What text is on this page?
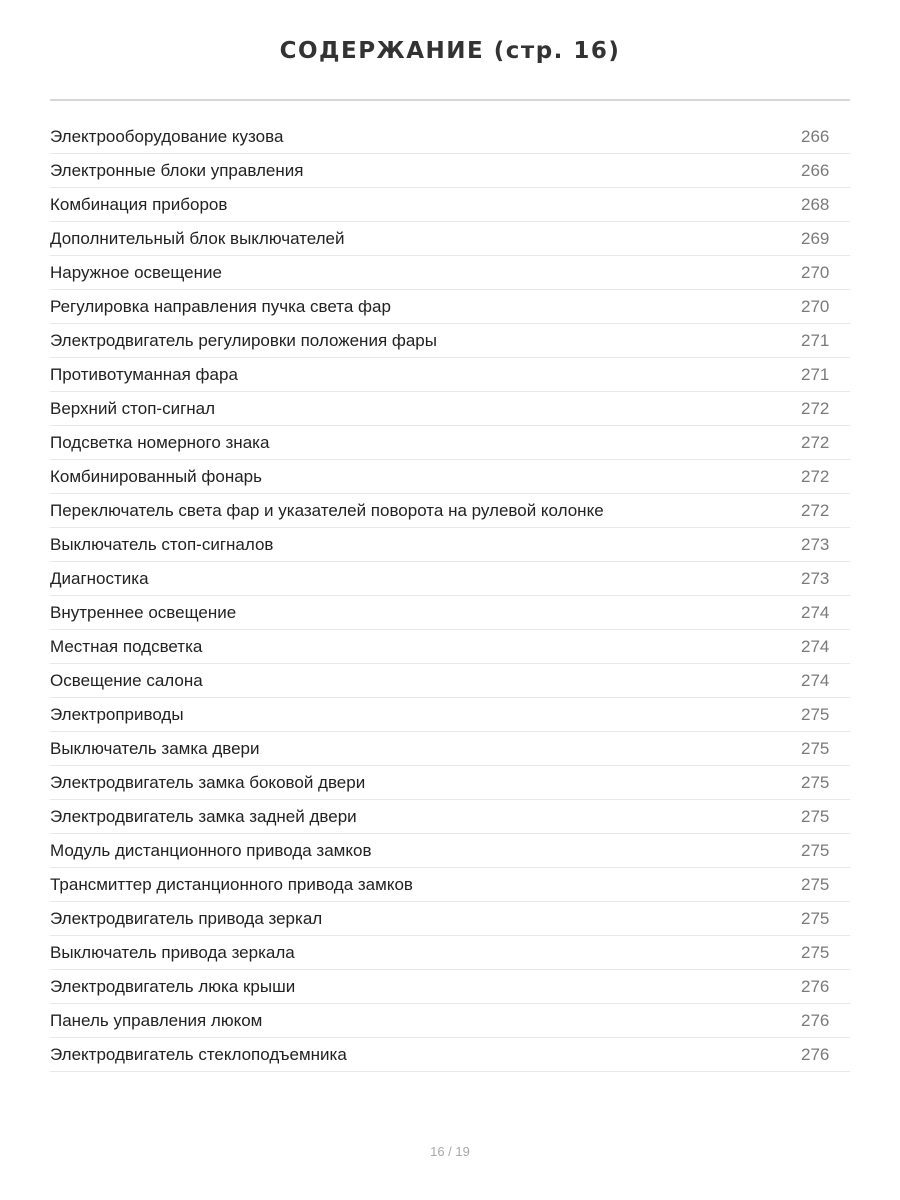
СОДЕРЖАНИЕ (стр. 16)
Электрооборудование кузова	266
Электронные блоки управления	266
Комбинация приборов	268
Дополнительный блок выключателей	269
Наружное освещение	270
Регулировка направления пучка света фар	270
Электродвигатель регулировки положения фары	271
Противотуманная фара	271
Верхний стоп-сигнал	272
Подсветка номерного знака	272
Комбинированный фонарь	272
Переключатель света фар и указателей поворота на рулевой колонке	272
Выключатель стоп-сигналов	273
Диагностика	273
Внутреннее освещение	274
Местная подсветка	274
Освещение салона	274
Электроприводы	275
Выключатель замка двери	275
Электродвигатель замка боковой двери	275
Электродвигатель замка задней двери	275
Модуль дистанционного привода замков	275
Трансмиттер дистанционного привода замков	275
Электродвигатель привода зеркал	275
Выключатель привода зеркала	275
Электродвигатель люка крыши	276
Панель управления люком	276
Электродвигатель стеклоподъемника	276
16 / 19
